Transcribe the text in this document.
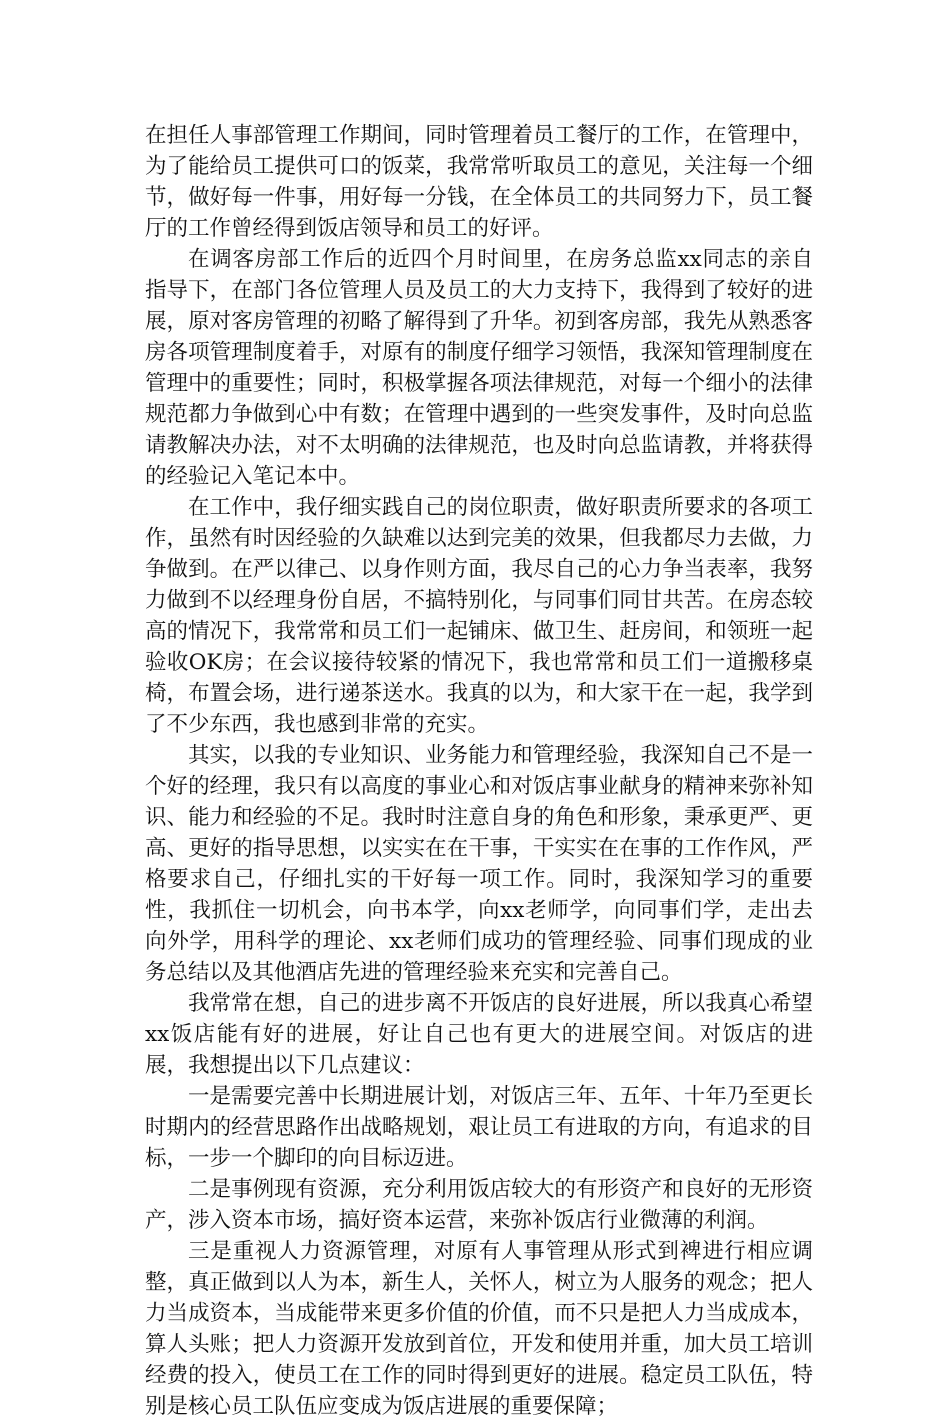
在担任人事部管理工作期间，同时管理着员工餐厅的工作，在管理中，为了能给员工提供可口的饭菜，我常常听取员工的意见，关注每一个细节，做好每一件事，用好每一分钱，在全体员工的共同努力下，员工餐厅的工作曾经得到饭店领导和员工的好评。

在调客房部工作后的近四个月时间里，在房务总监xx同志的亲自指导下，在部门各位管理人员及员工的大力支持下，我得到了较好的进展，原对客房管理的初略了解得到了升华。初到客房部，我先从熟悉客房各项管理制度着手，对原有的制度仔细学习领悟，我深知管理制度在管理中的重要性；同时，积极掌握各项法律规范，对每一个细小的法律规范都力争做到心中有数；在管理中遇到的一些突发事件，及时向总监请教解决办法，对不太明确的法律规范，也及时向总监请教，并将获得的经验记入笔记本中。

在工作中，我仔细实践自己的岗位职责，做好职责所要求的各项工作，虽然有时因经验的久缺难以达到完美的效果，但我都尽力去做，力争做到。在严以律己、以身作则方面，我尽自己的心力争当表率，我努力做到不以经理身份自居，不搞特别化，与同事们同甘共苦。在房态较高的情况下，我常常和员工们一起铺床、做卫生、赶房间，和领班一起验收OK房；在会议接待较紧的情况下，我也常常和员工们一道搬移桌椅，布置会场，进行递茶送水。我真的以为，和大家干在一起，我学到了不少东西，我也感到非常的充实。

其实，以我的专业知识、业务能力和管理经验，我深知自己不是一个好的经理，我只有以高度的事业心和对饭店事业献身的精神来弥补知识、能力和经验的不足。我时时注意自身的角色和形象，秉承更严、更高、更好的指导思想，以实实在在干事，干实实在在事的工作作风，严格要求自己，仔细扎实的干好每一项工作。同时，我深知学习的重要性，我抓住一切机会，向书本学，向xx老师学，向同事们学，走出去向外学，用科学的理论、xx老师们成功的管理经验、同事们现成的业务总结以及其他酒店先进的管理经验来充实和完善自己。

我常常在想，自己的进步离不开饭店的良好进展，所以我真心希望xx饭店能有好的进展，好让自己也有更大的进展空间。对饭店的进展，我想提出以下几点建议：

一是需要完善中长期进展计划，对饭店三年、五年、十年乃至更长时期内的经营思路作出战略规划，艰让员工有进取的方向，有追求的目标，一步一个脚印的向目标迈进。

二是事例现有资源，充分利用饭店较大的有形资产和良好的无形资产，涉入资本市场，搞好资本运营，来弥补饭店行业微薄的利润。

三是重视人力资源管理，对原有人事管理从形式到裨进行相应调整，真正做到以人为本，新生人，关怀人，树立为人服务的观念；把人力当成资本，当成能带来更多价值的价值，而不只是把人力当成成本，算人头账；把人力资源开发放到首位，开发和使用并重，加大员工培训经费的投入，使员工在工作的同时得到更好的进展。稳定员工队伍，特别是核心员工队伍应变成为饭店进展的重要保障；
